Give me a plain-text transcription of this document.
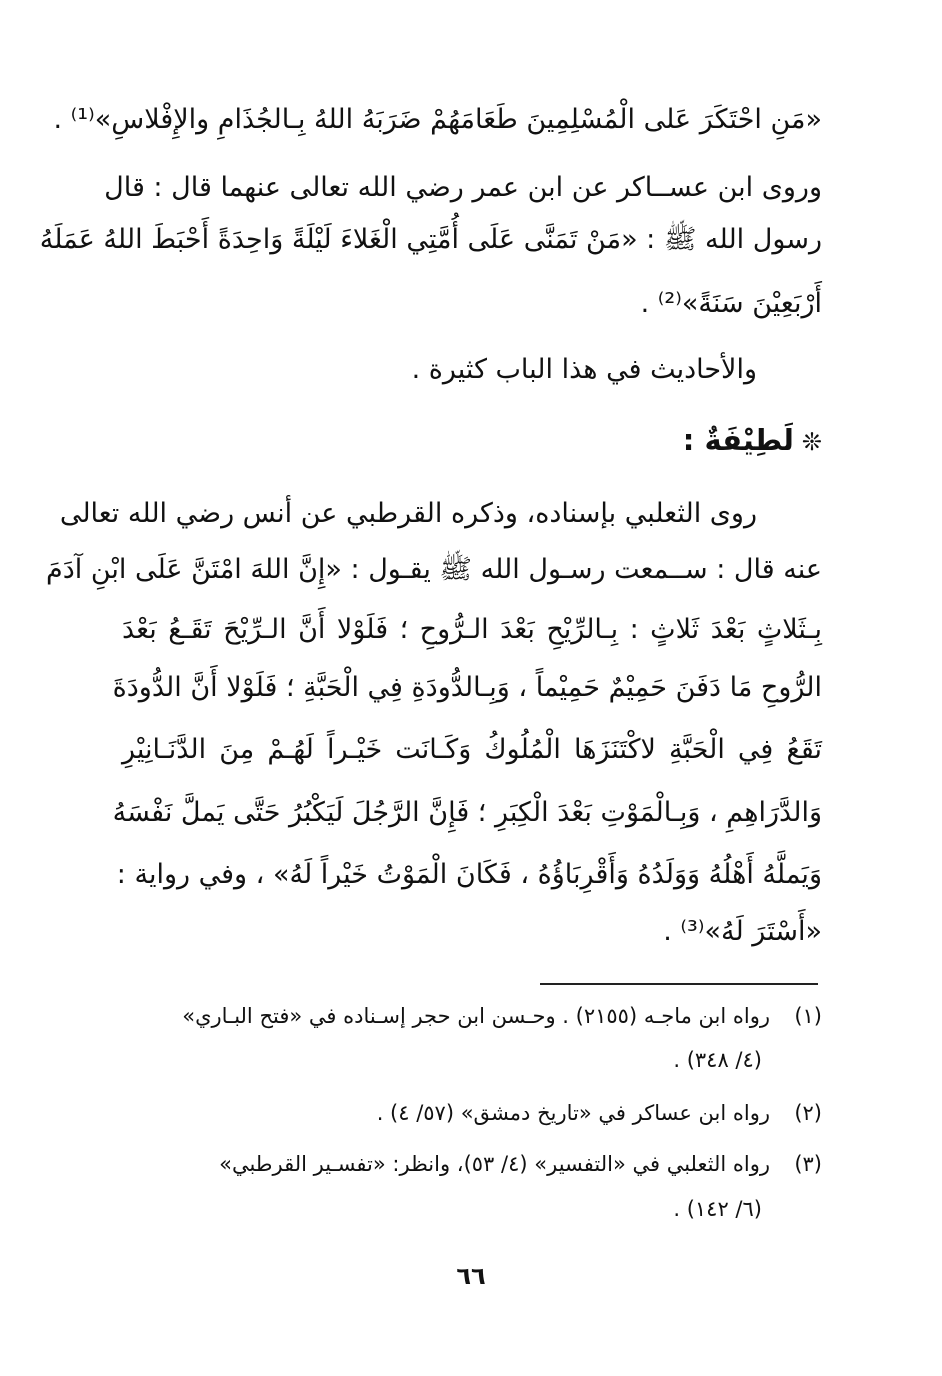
«مَنِ احْتَكَرَ عَلى الْمُسْلِمِينَ طَعَامَهُمْ ضَرَبَهُ اللهُ بِـالجُذَامِ والإِفْلاسِ»⁽¹⁾ .
وروى ابن عســاكر عن ابن عمر رضي الله تعالى عنهما قال : قال
رسول الله ﷺ : «مَنْ تَمَنَّى عَلَى أُمَّتِي الْغَلاءَ لَيْلَةً وَاحِدَةً أَحْبَطَ اللهُ عَمَلَهُ
أَرْبَعِيْنَ سَنَةً»⁽²⁾ .
والأحاديث في هذا الباب كثيرة .
❊لَطِيْفَةٌ :
روى الثعلبي بإسناده، وذكره القرطبي عن أنس رضي الله تعالى
عنه قال : ســمعت رسـول الله ﷺ يقـول : «إِنَّ اللهَ امْتَنَّ عَلَى ابْنِ آدَمَ
بِـثَلاثٍ بَعْدَ ثَلاثٍ : بِـالرِّيْحِ بَعْدَ الـرُّوحِ ؛ فَلَوْلا أَنَّ الـرِّيْحَ تَقَـعُ بَعْدَ
الرُّوحِ مَا دَفَنَ حَمِيْمٌ حَمِيْماً ، وَبِـالدُّودَةِ فِي الْحَبَّةِ ؛ فَلَوْلا أَنَّ الدُّودَةَ
تَقَعُ فِي الْحَبَّةِ لاكْتَنَزَهَا الْمُلُوكُ وَكَـانَت خَيْـراً لَهُـمْ مِنَ الدَّنَـانِيْرِ
وَالدَّرَاهِمِ ، وَبِـالْمَوْتِ بَعْدَ الْكِبَرِ ؛ فَإِنَّ الرَّجُلَ لَيَكْبُرُ حَتَّى يَملَّ نَفْسَهُ
وَيَملَّهُ أَهْلُهُ وَوَلَدُهُ وَأَقْرِبَاؤُهُ ، فَكَانَ الْمَوْتُ خَيْراً لَهُ» ، وفي رواية :
«أَسْتَرَ لَهُ»⁽³⁾ .
(١)رواه ابن ماجـه (٢١٥٥) . وحـسن ابن حجر إسـناده في «فتح البـاري»
(٤/ ٣٤٨) .
(٢)رواه ابن عساكر في «تاريخ دمشق» (٥٧/ ٤) .
(٣)رواه الثعلبي في «التفسير» (٤/ ٥٣)، وانظر: «تفسـير القرطبي»
(٦/ ١٤٢) .
٦٦
